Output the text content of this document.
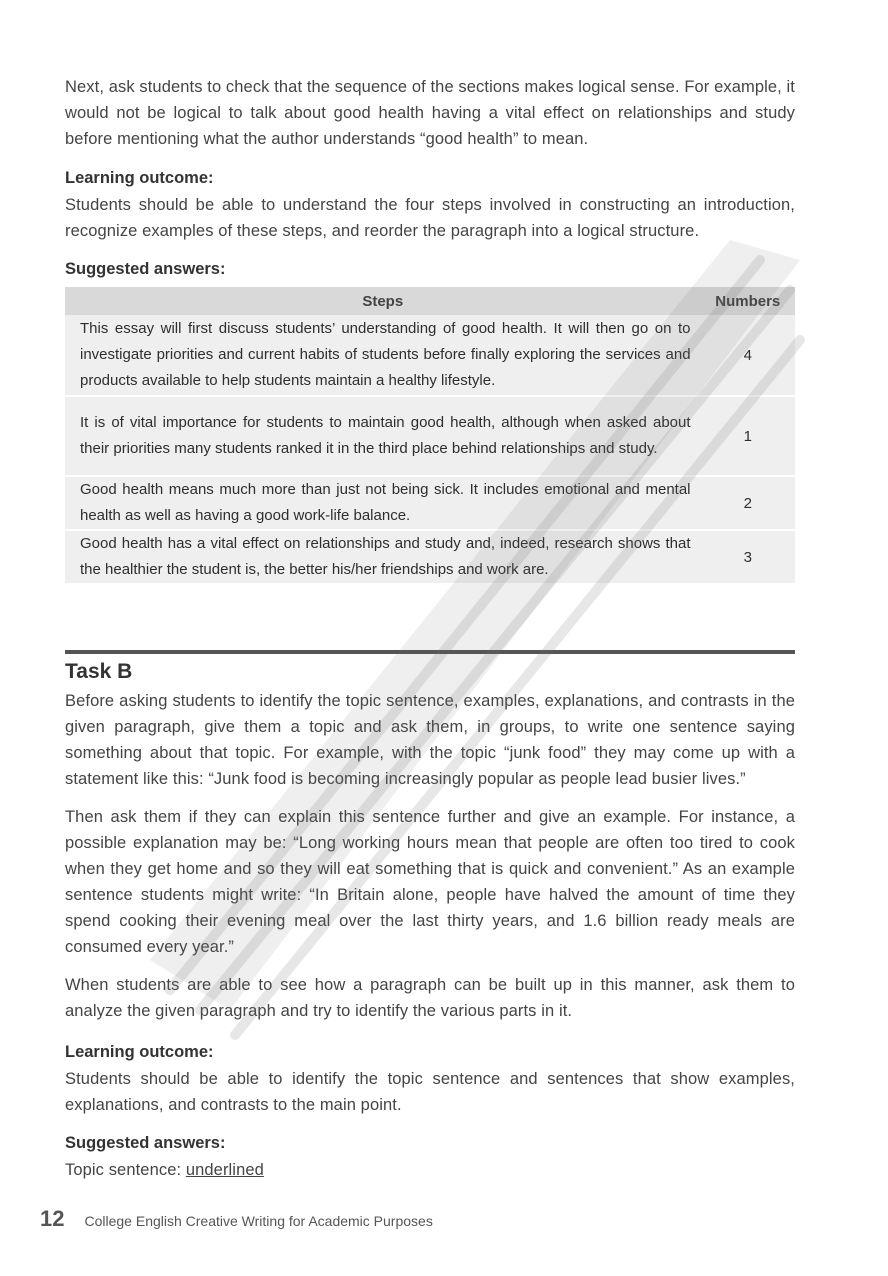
Next, ask students to check that the sequence of the sections makes logical sense. For example, it would not be logical to talk about good health having a vital effect on relationships and study before mentioning what the author understands “good health” to mean.

Learning outcome:

Students should be able to understand the four steps involved in constructing an introduction, recognize examples of these steps, and reorder the paragraph into a logical structure.

Suggested answers:
Steps	Numbers
This essay will first discuss students’ understanding of good health. It will then go on to investigate priorities and current habits of students before finally exploring the services and products available to help students maintain a healthy lifestyle.	4
It is of vital importance for students to maintain good health, although when asked about their priorities many students ranked it in the third place behind relationships and study.	1
Good health means much more than just not being sick. It includes emotional and mental health as well as having a good work-life balance.	2
Good health has a vital effect on relationships and study and, indeed, research shows that the healthier the student is, the better his/her friendships and work are.	3
Task B

Before asking students to identify the topic sentence, examples, explanations, and contrasts in the given paragraph, give them a topic and ask them, in groups, to write one sentence saying something about that topic. For example, with the topic “junk food” they may come up with a statement like this: “Junk food is becoming increasingly popular as people lead busier lives.”

Then ask them if they can explain this sentence further and give an example. For instance, a possible explanation may be: “Long working hours mean that people are often too tired to cook when they get home and so they will eat something that is quick and convenient.” As an example sentence students might write: “In Britain alone, people have halved the amount of time they spend cooking their evening meal over the last thirty years, and 1.6 billion ready meals are consumed every year.”

When students are able to see how a paragraph can be built up in this manner, ask them to analyze the given paragraph and try to identify the various parts in it.

Learning outcome:

Students should be able to identify the topic sentence and sentences that show examples, explanations, and contrasts to the main point.

Suggested answers:

Topic sentence: underlined

12 College English Creative Writing for Academic Purposes
